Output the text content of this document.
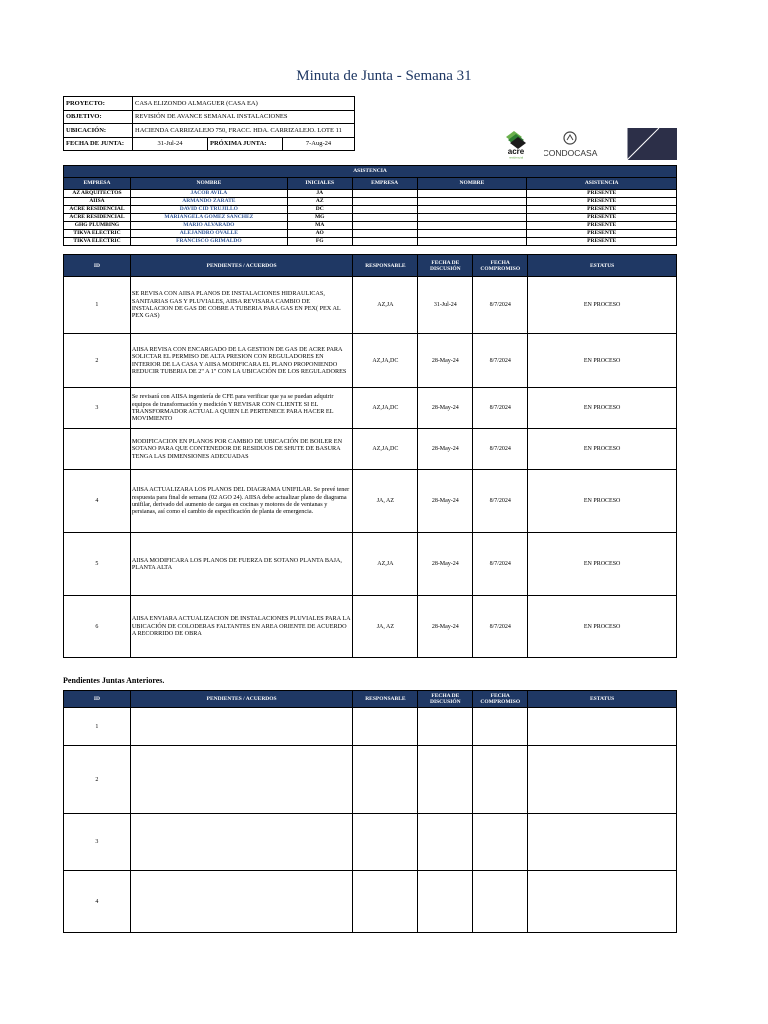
Minuta de Junta - Semana 31
PROYECTO:	CASA ELIZONDO ALMAGUER (CASA EA)		
OBJETIVO:	REVISIÓN DE AVANCE SEMANAL INSTALACIONES		
UBICACIÓN:	HACIENDA CARRIZALEJO 750, FRACC. HDA. CARRIZALEJO. LOTE 11		
FECHA DE JUNTA:	31-Jul-24	PRÓXIMA JUNTA:	7-Aug-24
acre
residencial CONDOCASA
ASISTENCIA					
EMPRESA	NOMBRE	INICIALES	EMPRESA	NOMBRE	ASISTENCIA
AZ ARQUITECTOS	JACOB AVILA	JA			PRESENTE
AIISA	ARMANDO ZARATE	AZ			PRESENTE
ACRE RESIDENCIAL	DAVID CID TRUJILLO	DC			PRESENTE
ACRE RESIDENCIAL	MARIANGELA GOMEZ SANCHEZ	MG			PRESENTE
GHG PLUMBING	MARIO ALVARADO	MA			PRESENTE
TIKVA ELECTRIC	ALEJANDRO OVALLE	AO			PRESENTE
TIKVA ELECTRIC	FRANCISCO GRIMALDO	FG			PRESENTE
ID	PENDIENTES / ACUERDOS	RESPONSABLE	FECHA DE DISCUSIÓN	FECHA COMPROMISO	ESTATUS
1	SE REVISA CON AIISA PLANOS DE INSTALACIONES HIDRAULICAS, SANITARIAS GAS Y PLUVIALES, AIISA REVISARA CAMBIO DE INSTALACION DE GAS DE COBRE A TUBERIA PARA GAS EN PEX( PEX AL PEX GAS)	AZ,JA	31-Jul-24	8/7/2024	EN PROCESO
2	AIISA REVISA CON ENCARGADO DE LA GESTION DE GAS DE ACRE PARA SOLICTAR EL PERMISO DE ALTA PRESION CON REGULADORES EN INTERIOR DE LA CASA Y AIISA MODIFICARA EL PLANO PROPONIENDO REDUCIR TUBERIA DE 2" A 1" CON LA UBICACIÓN DE LOS REGULADORES	AZ,JA,DC	28-May-24	8/7/2024	EN PROCESO
3	Se revisará con AIISA ingeniería de CFE para verificar que ya se puedan adquirir equipos de transformación y medición Y REVISAR CON CLIENTE SI EL TRANSFORMADOR ACTUAL A QUIEN LE PERTENECE PARA HACER EL MOVIMIENTO	AZ,JA,DC	28-May-24	8/7/2024	EN PROCESO
	MODIFICACION EN PLANOS POR CAMBIO DE UBICACIÓN DE BOILER EN SOTANO PARA QUE CONTENEDOR DE RESIDUOS DE SHUTE DE BASURA TENGA LAS DIMENSIONES ADECUADAS	AZ,JA,DC	28-May-24	8/7/2024	EN PROCESO
4	AIISA ACTUALIZARA LOS PLANOS DEL DIAGRAMA UNIFILAR. Se prevé tener respuesta para final de semana (02 AGO 24). AIISA debe actualizar plano de diagrama unifilar, derivado del aumento de cargas en cocinas y motores de de ventanas y persianas, así como el cambio de especificación de planta de emergencia.	JA, AZ	28-May-24	8/7/2024	EN PROCESO
5	AIISA MODIFICARA LOS PLANOS DE FUERZA DE SOTANO PLANTA BAJA, PLANTA ALTA	AZ,JA	28-May-24	8/7/2024	EN PROCESO
6	AIISA ENVIARA ACTUALIZACION DE INSTALACIONES PLUVIALES PARA LA UBICACIÓN DE COLODERAS FALTANTES EN AREA ORIENTE DE ACUERDO A RECORRIDO DE OBRA	JA, AZ	28-May-24	8/7/2024	EN PROCESO
Pendientes Juntas Anteriores.
ID	PENDIENTES / ACUERDOS	RESPONSABLE	FECHA DE DISCUSIÓN	FECHA COMPROMISO	ESTATUS
1					
2					
3					
4					
